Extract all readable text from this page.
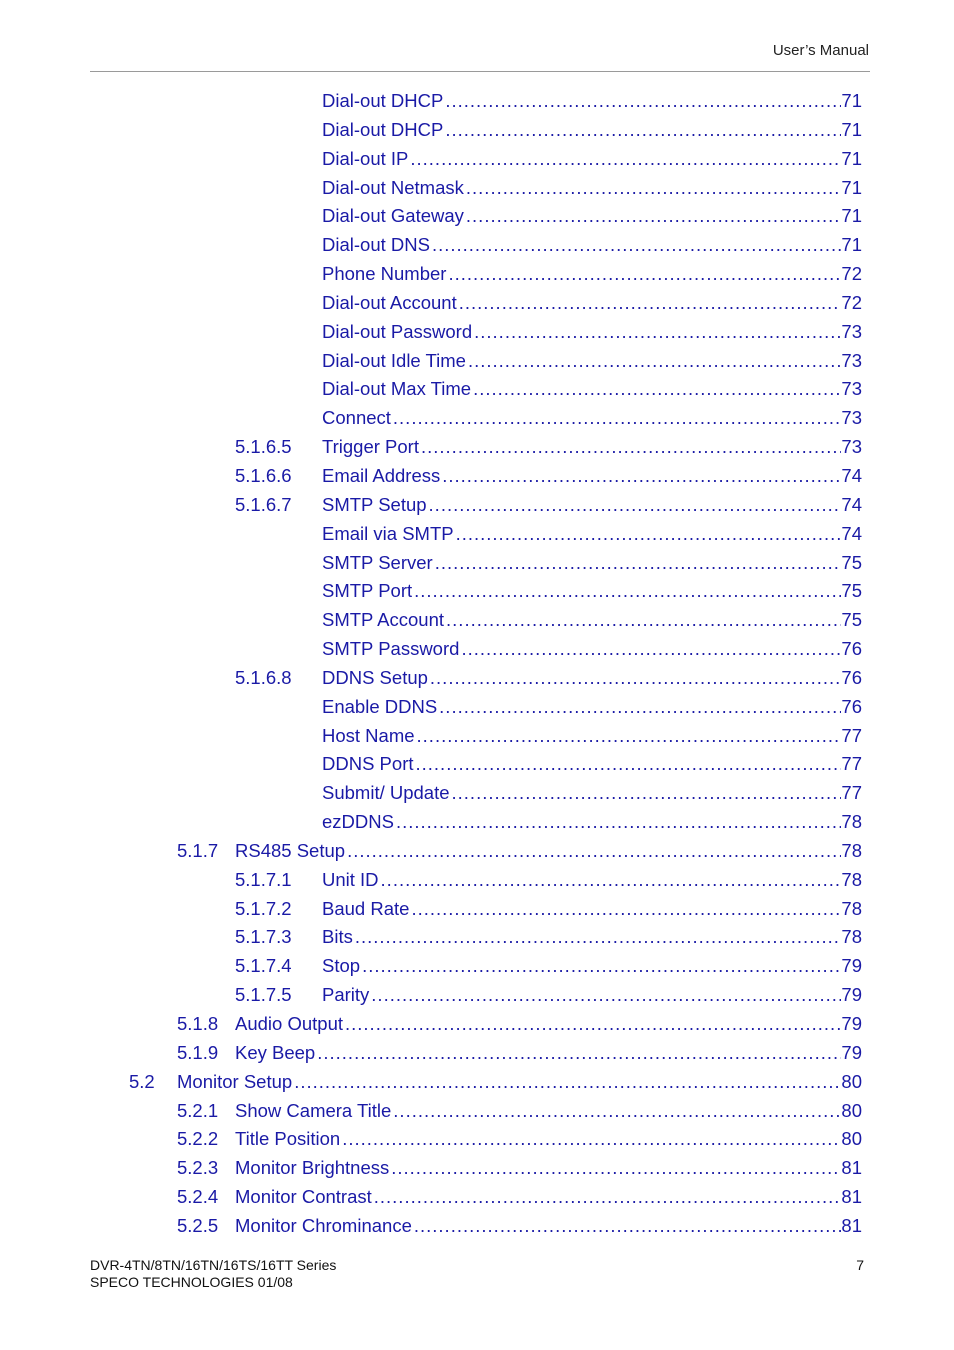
User’s Manual
Dial-out DHCP .....	71
Dial-out DHCP .....	71
Dial-out IP .....	71
Dial-out Netmask .....	71
Dial-out Gateway .....	71
Dial-out DNS .....	71
Phone Number .....	72
Dial-out Account .....	72
Dial-out Password .....	73
Dial-out Idle Time .....	73
Dial-out Max Time .....	73
Connect .....	73
5.1.6.5 Trigger Port .....	73
5.1.6.6 Email Address .....	74
5.1.6.7 SMTP Setup .....	74
Email via SMTP .....	74
SMTP Server .....	75
SMTP Port .....	75
SMTP Account .....	75
SMTP Password .....	76
5.1.6.8 DDNS Setup .....	76
Enable DDNS .....	76
Host Name .....	77
DDNS Port .....	77
Submit/ Update .....	77
ezDDNS .....	78
5.1.7 RS485 Setup .....	78
5.1.7.1 Unit ID .....	78
5.1.7.2 Baud Rate .....	78
5.1.7.3 Bits .....	78
5.1.7.4 Stop .....	79
5.1.7.5 Parity .....	79
5.1.8 Audio Output .....	79
5.1.9 Key Beep .....	79
5.2 Monitor Setup .....	80
5.2.1 Show Camera Title .....	80
5.2.2 Title Position .....	80
5.2.3 Monitor Brightness .....	81
5.2.4 Monitor Contrast .....	81
5.2.5 Monitor Chrominance .....	81
DVR-4TN/8TN/16TN/16TS/16TT Series
SPECO TECHNOLOGIES 01/08
7
